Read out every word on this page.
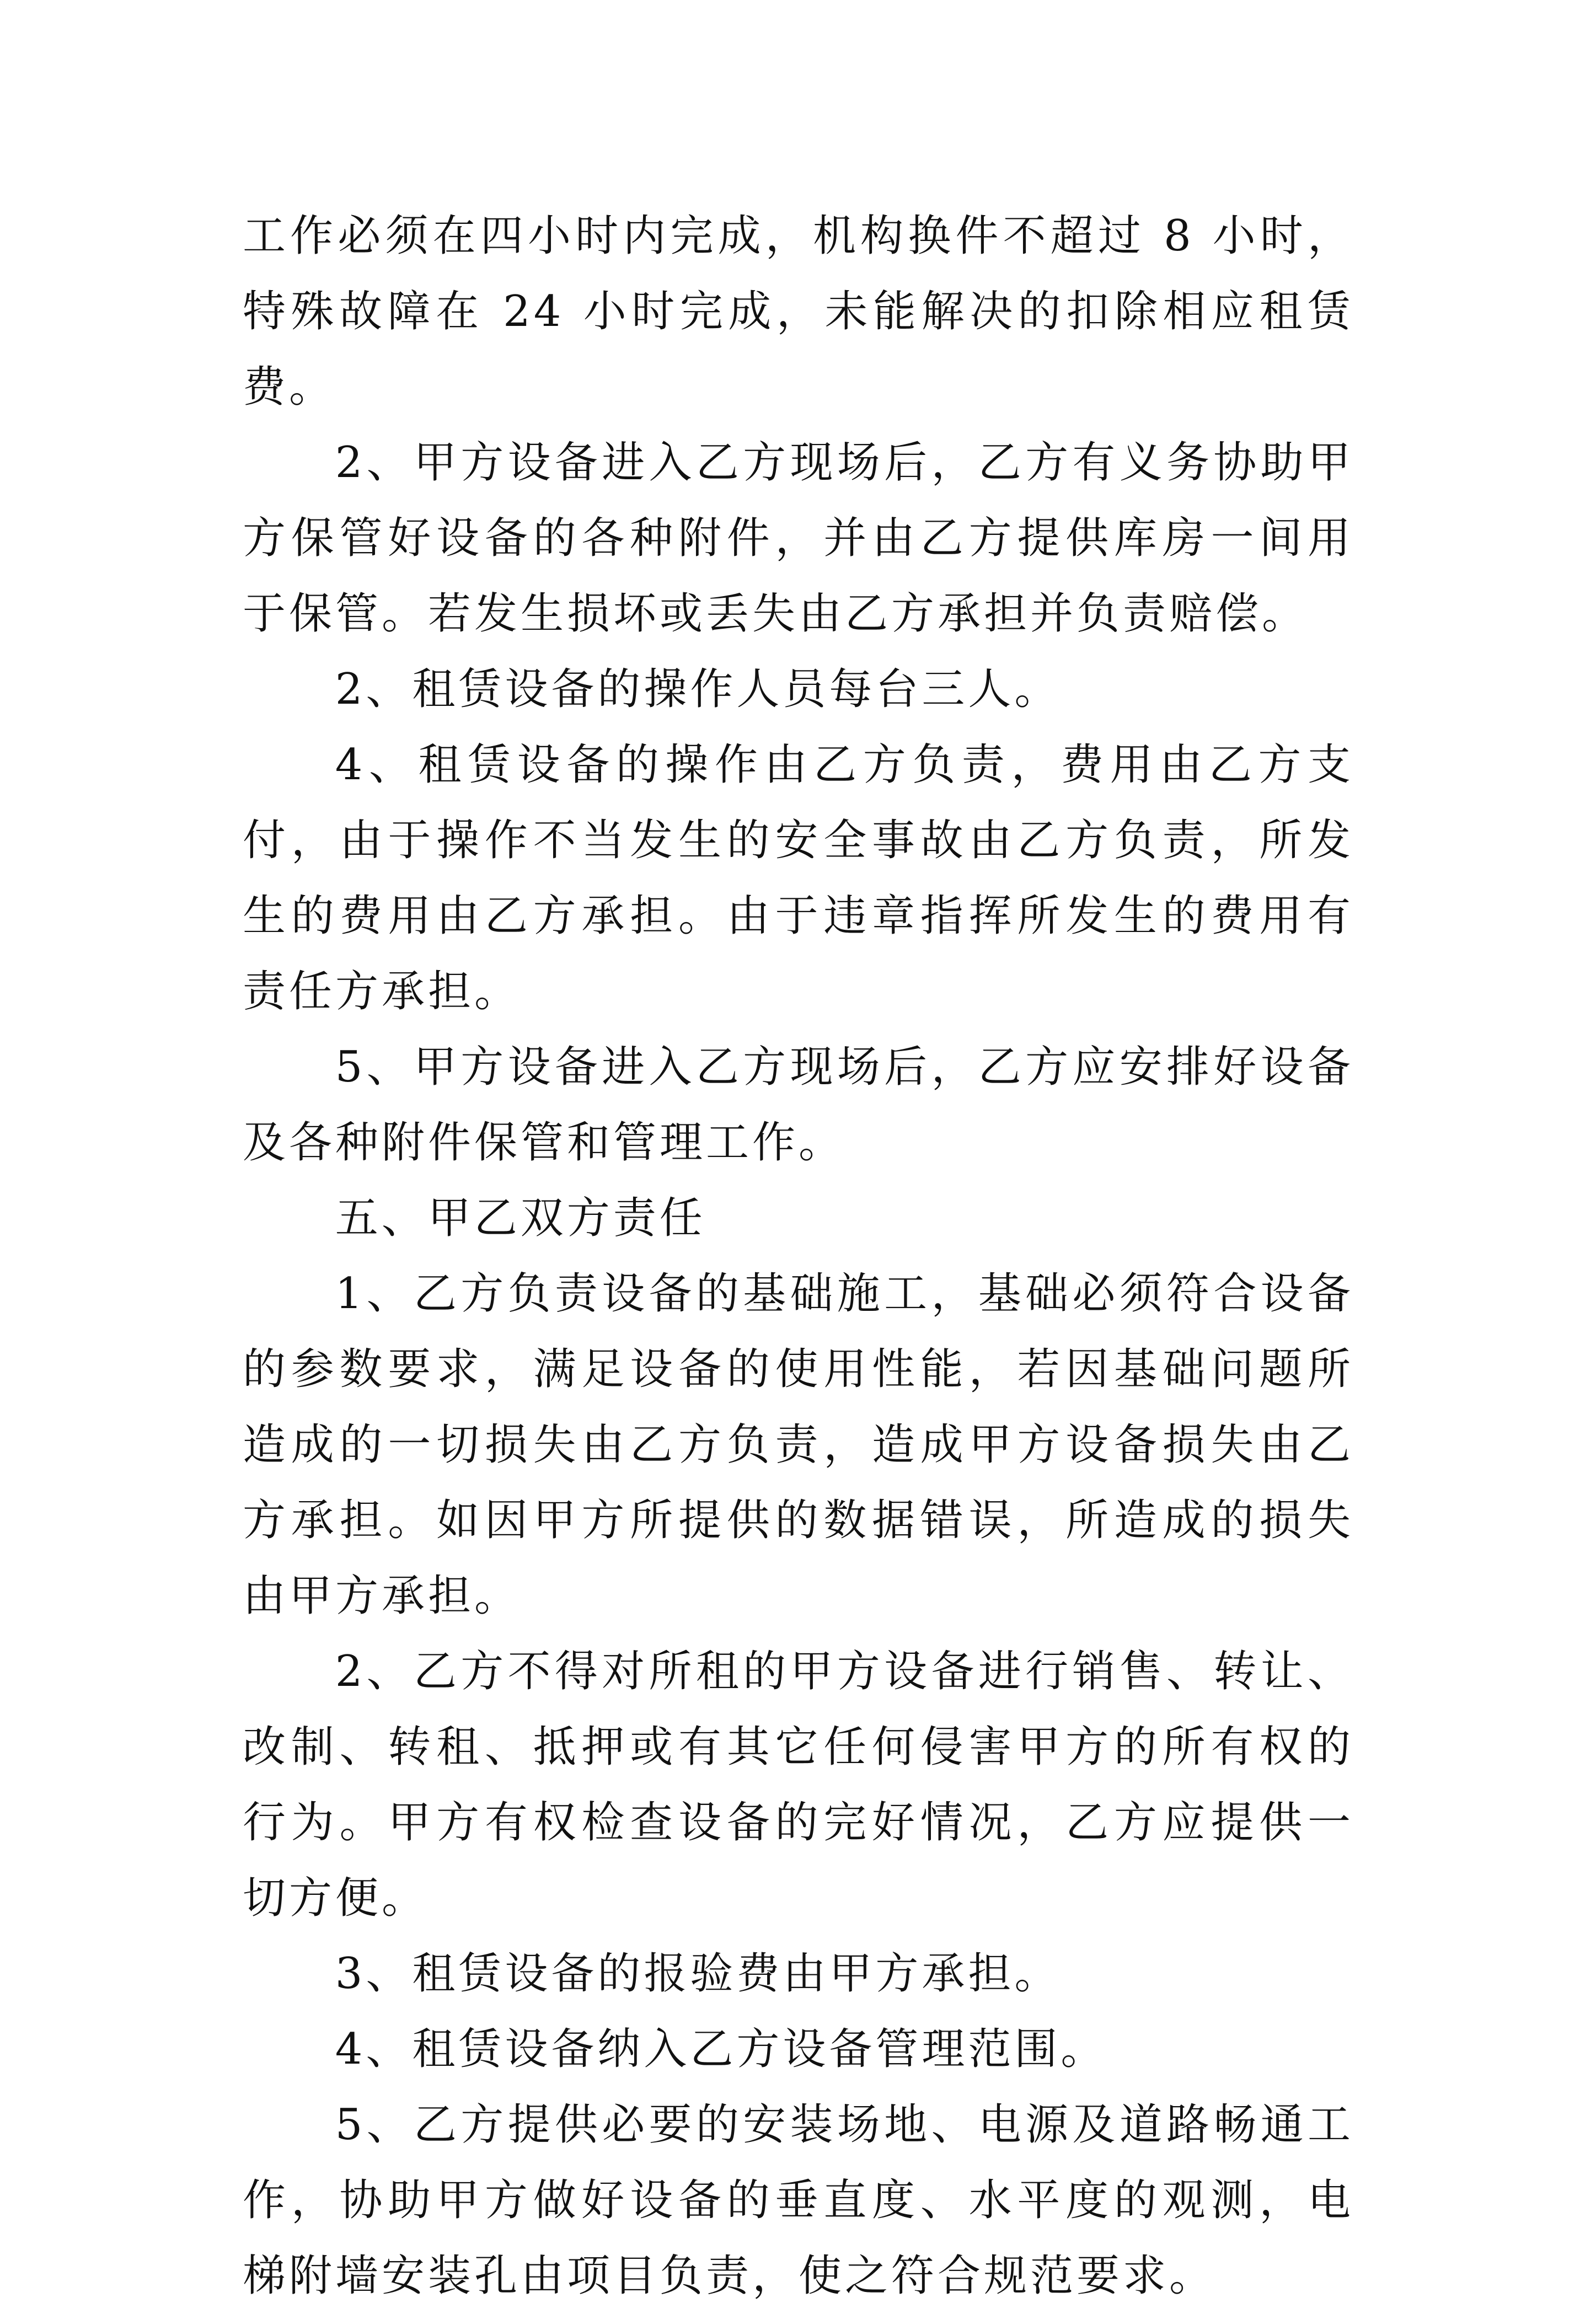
工作必须在四小时内完成，机构换件不超过 8 小时，特殊故障在 24 小时完成，未能解决的扣除相应租赁费。

2、甲方设备进入乙方现场后，乙方有义务协助甲方保管好设备的各种附件，并由乙方提供库房一间用于保管。若发生损坏或丢失由乙方承担并负责赔偿。

2、租赁设备的操作人员每台三人。

4、租赁设备的操作由乙方负责，费用由乙方支付，由于操作不当发生的安全事故由乙方负责，所发生的费用由乙方承担。由于违章指挥所发生的费用有责任方承担。

5、甲方设备进入乙方现场后，乙方应安排好设备及各种附件保管和管理工作。

五、甲乙双方责任

1、乙方负责设备的基础施工，基础必须符合设备的参数要求，满足设备的使用性能，若因基础问题所造成的一切损失由乙方负责，造成甲方设备损失由乙方承担。如因甲方所提供的数据错误，所造成的损失由甲方承担。

2、乙方不得对所租的甲方设备进行销售、转让、改制、转租、抵押或有其它任何侵害甲方的所有权的行为。甲方有权检查设备的完好情况，乙方应提供一切方便。

3、租赁设备的报验费由甲方承担。

4、租赁设备纳入乙方设备管理范围。

5、乙方提供必要的安装场地、电源及道路畅通工作，协助甲方做好设备的垂直度、水平度的观测，电梯附墙安装孔由项目负责，使之符合规范要求。
